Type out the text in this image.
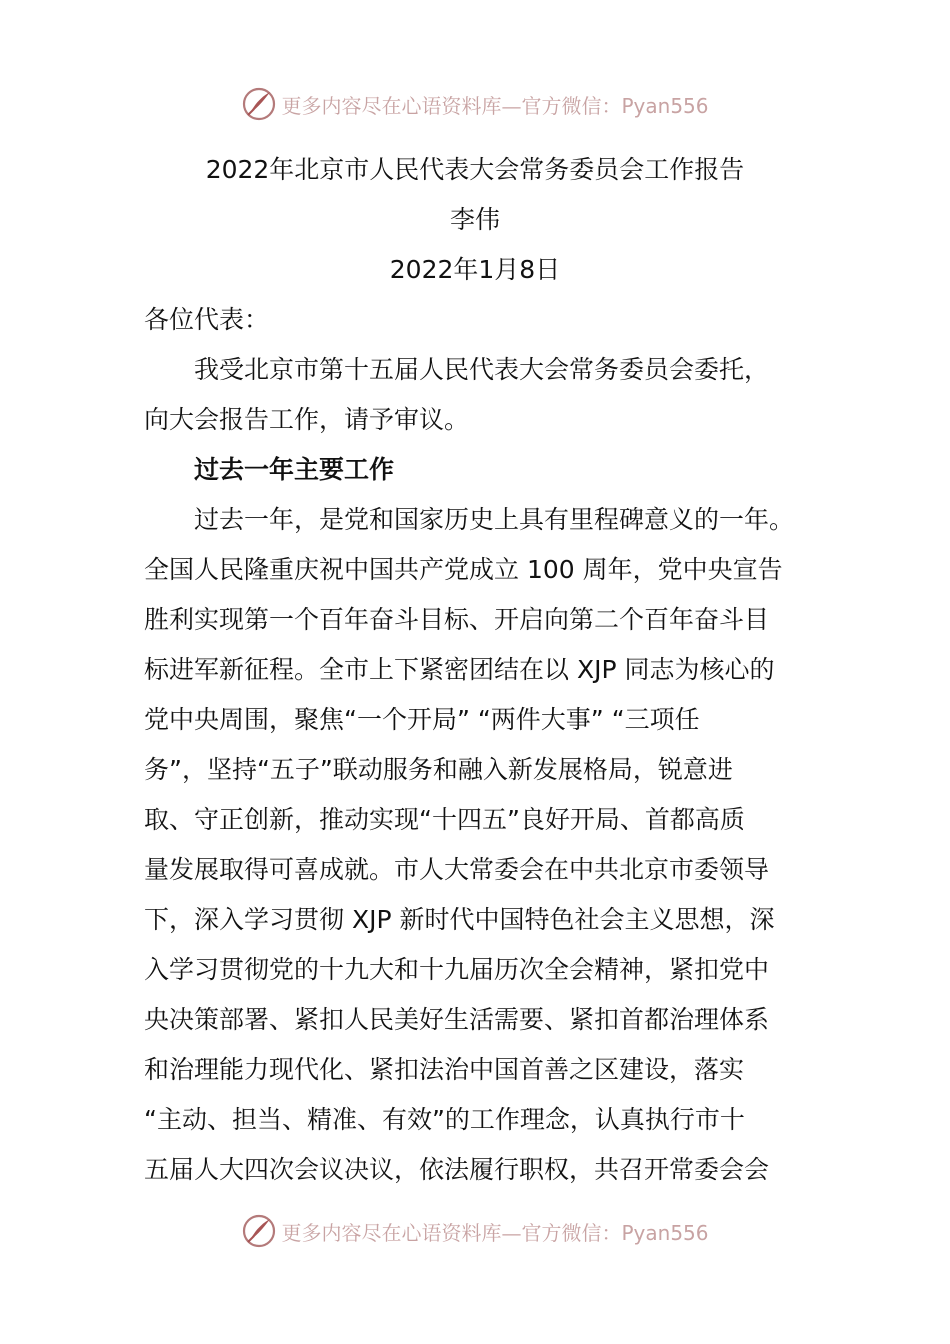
更多内容尽在心语资料库—官方微信：Pyan556
2022年北京市人民代表大会常务委员会工作报告
李伟
2022年1月8日
各位代表：
我受北京市第十五届人民代表大会常务委员会委托，
向大会报告工作，请予审议。
过去一年主要工作
过去一年，是党和国家历史上具有里程碑意义的一年。
全国人民隆重庆祝中国共产党成立 100 周年，党中央宣告
胜利实现第一个百年奋斗目标、开启向第二个百年奋斗目
标进军新征程。全市上下紧密团结在以 XJP 同志为核心的
党中央周围，聚焦“一个开局” “两件大事” “三项任
务”，坚持“五子”联动服务和融入新发展格局，锐意进
取、守正创新，推动实现“十四五”良好开局、首都高质
量发展取得可喜成就。市人大常委会在中共北京市委领导
下，深入学习贯彻 XJP 新时代中国特色社会主义思想，深
入学习贯彻党的十九大和十九届历次全会精神，紧扣党中
央决策部署、紧扣人民美好生活需要、紧扣首都治理体系
和治理能力现代化、紧扣法治中国首善之区建设，落实
“主动、担当、精准、有效”的工作理念，认真执行市十
五届人大四次会议决议，依法履行职权，共召开常委会会
更多内容尽在心语资料库—官方微信：Pyan556
